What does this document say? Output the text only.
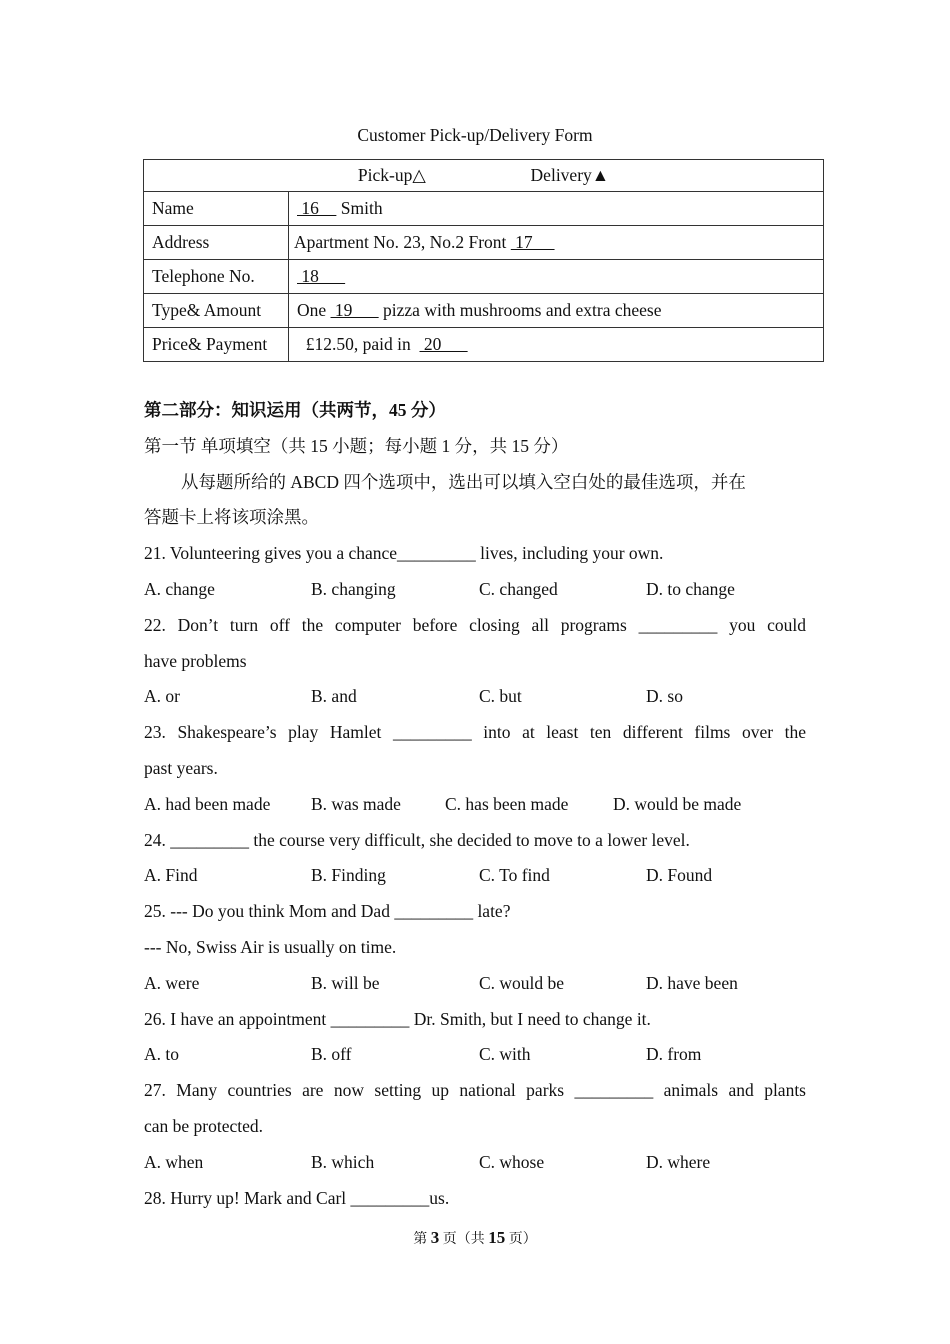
Customer Pick-up/Delivery Form
Pick-up△ Delivery▲	
Name	16     Smith
Address	Apartment No. 23, No.2 Front  17
Telephone No.	18
Type& Amount	One  19       pizza with mushrooms and extra cheese
Price& Payment	£12.50, paid in   20
第二部分：知识运用（共两节，45 分）
第一节 单项填空（共 15 小题；每小题 1 分，共 15 分）
从每题所给的 ABCD 四个选项中，选出可以填入空白处的最佳选项，并在
答题卡上将该项涂黑。
21. Volunteering gives you a chance_________ lives, including your own.
A. change	B. changing	C. changed	D. to change
22. Don’t turn off the computer before closing all programs _________ you could
have problems
A. or	B. and	C. but	D. so
23. Shakespeare’s play Hamlet _________ into at least ten different films over the
past years.
A. had been made B. was made	C. has been made	D. would be made
24. _________ the course very difficult, she decided to move to a lower level.
A. Find	B. Finding	C. To find	D. Found
25. --- Do you think Mom and Dad _________ late?
--- No, Swiss Air is usually on time.
A. were	B. will be	C. would be	D. have been
26. I have an appointment _________ Dr. Smith, but I need to change it.
A. to	B. off	C. with	D. from
27. Many countries are now setting up national parks _________ animals and plants
can be protected.
A. when	B. which	C. whose	D. where
28. Hurry up! Mark and Carl _________us.
第 3 页（共 15 页）
